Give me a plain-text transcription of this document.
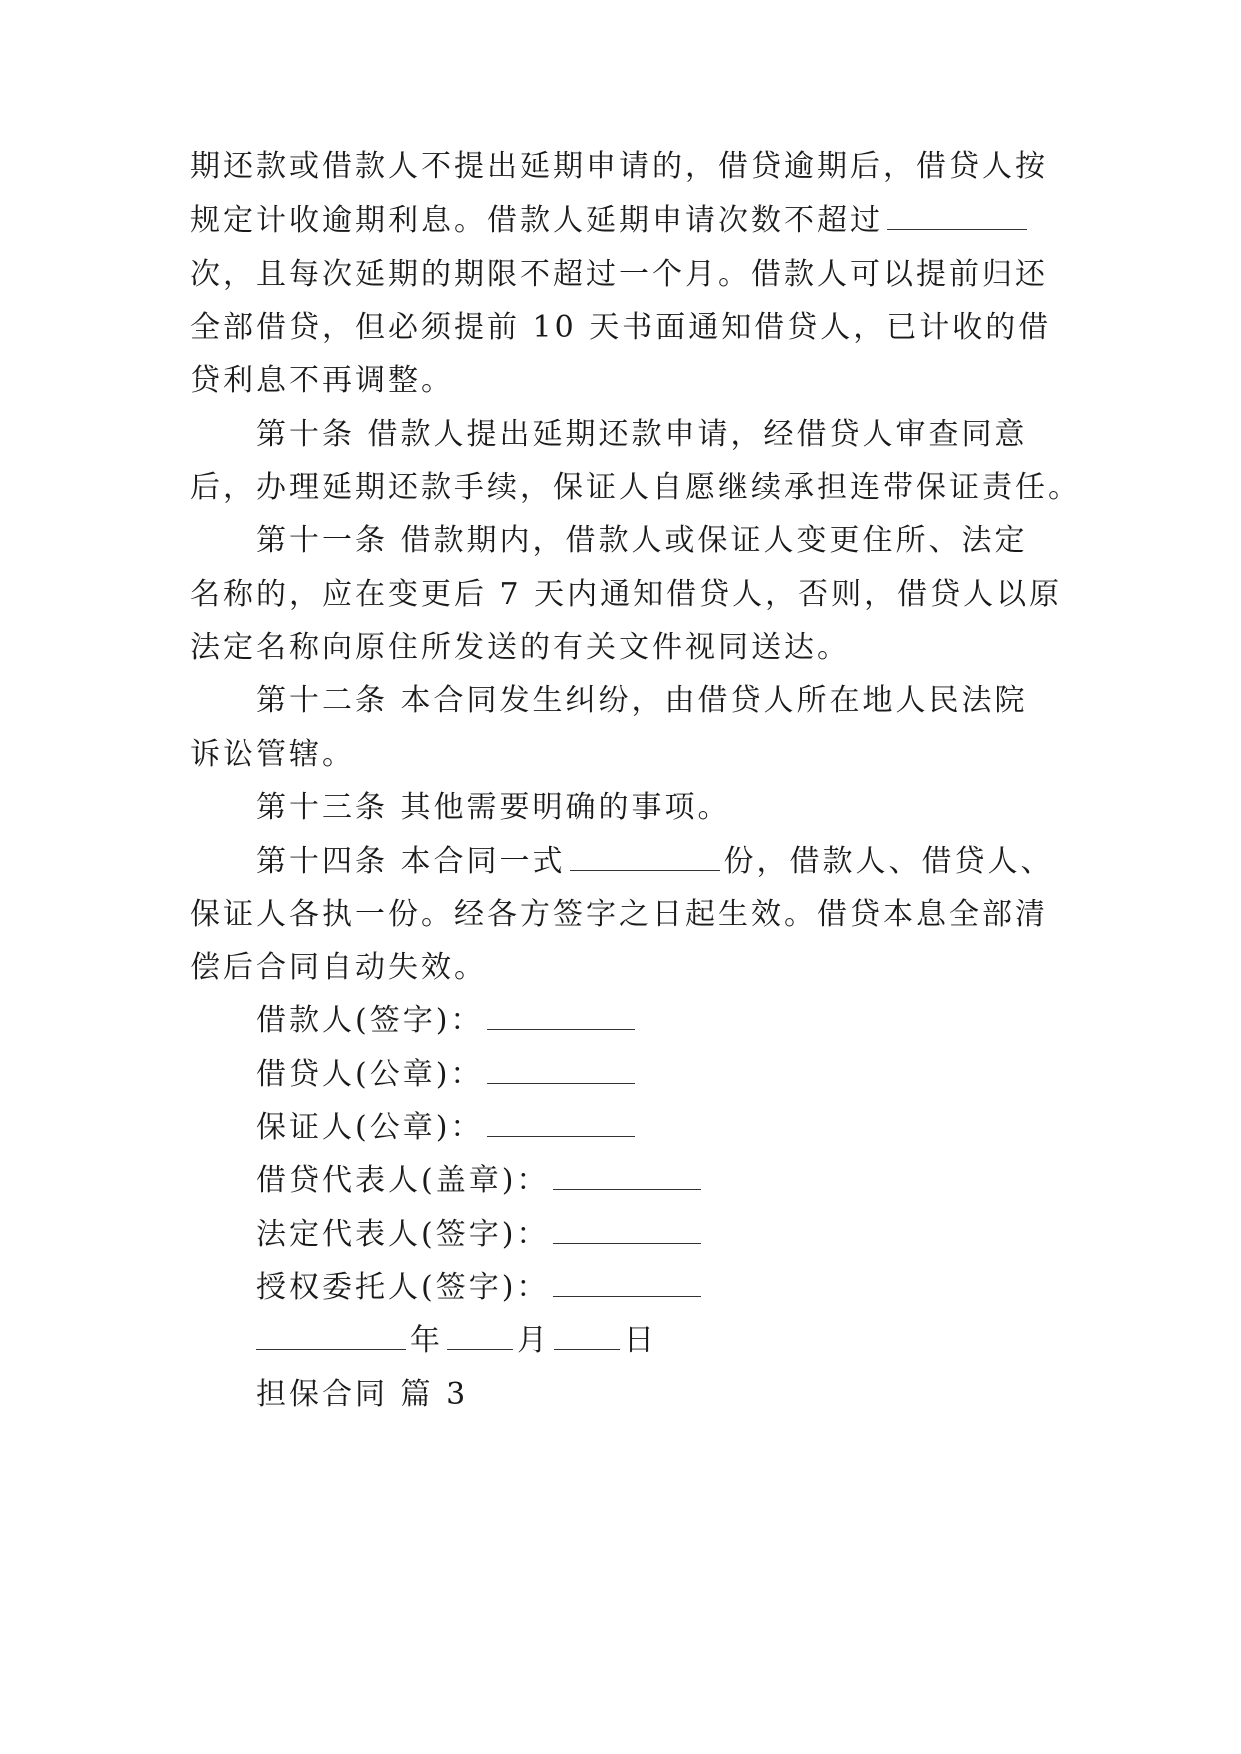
期还款或借款人不提出延期申请的，借贷逾期后，借贷人按
规定计收逾期利息。借款人延期申请次数不超过
次，且每次延期的期限不超过一个月。借款人可以提前归还
全部借贷，但必须提前 10 天书面通知借贷人，已计收的借
贷利息不再调整。
第十条 借款人提出延期还款申请，经借贷人审查同意
后，办理延期还款手续，保证人自愿继续承担连带保证责任。
第十一条 借款期内，借款人或保证人变更住所、法定
名称的，应在变更后 7 天内通知借贷人，否则，借贷人以原
法定名称向原住所发送的有关文件视同送达。
第十二条 本合同发生纠纷，由借贷人所在地人民法院
诉讼管辖。
第十三条 其他需要明确的事项。
第十四条 本合同一式	份，借款人、借贷人、
保证人各执一份。经各方签字之日起生效。借贷本息全部清
偿后合同自动失效。
借款人(签字)：
借贷人(公章)：
保证人(公章)：
借贷代表人(盖章)：
法定代表人(签字)：
授权委托人(签字)：
年 月 日
担保合同 篇 3
